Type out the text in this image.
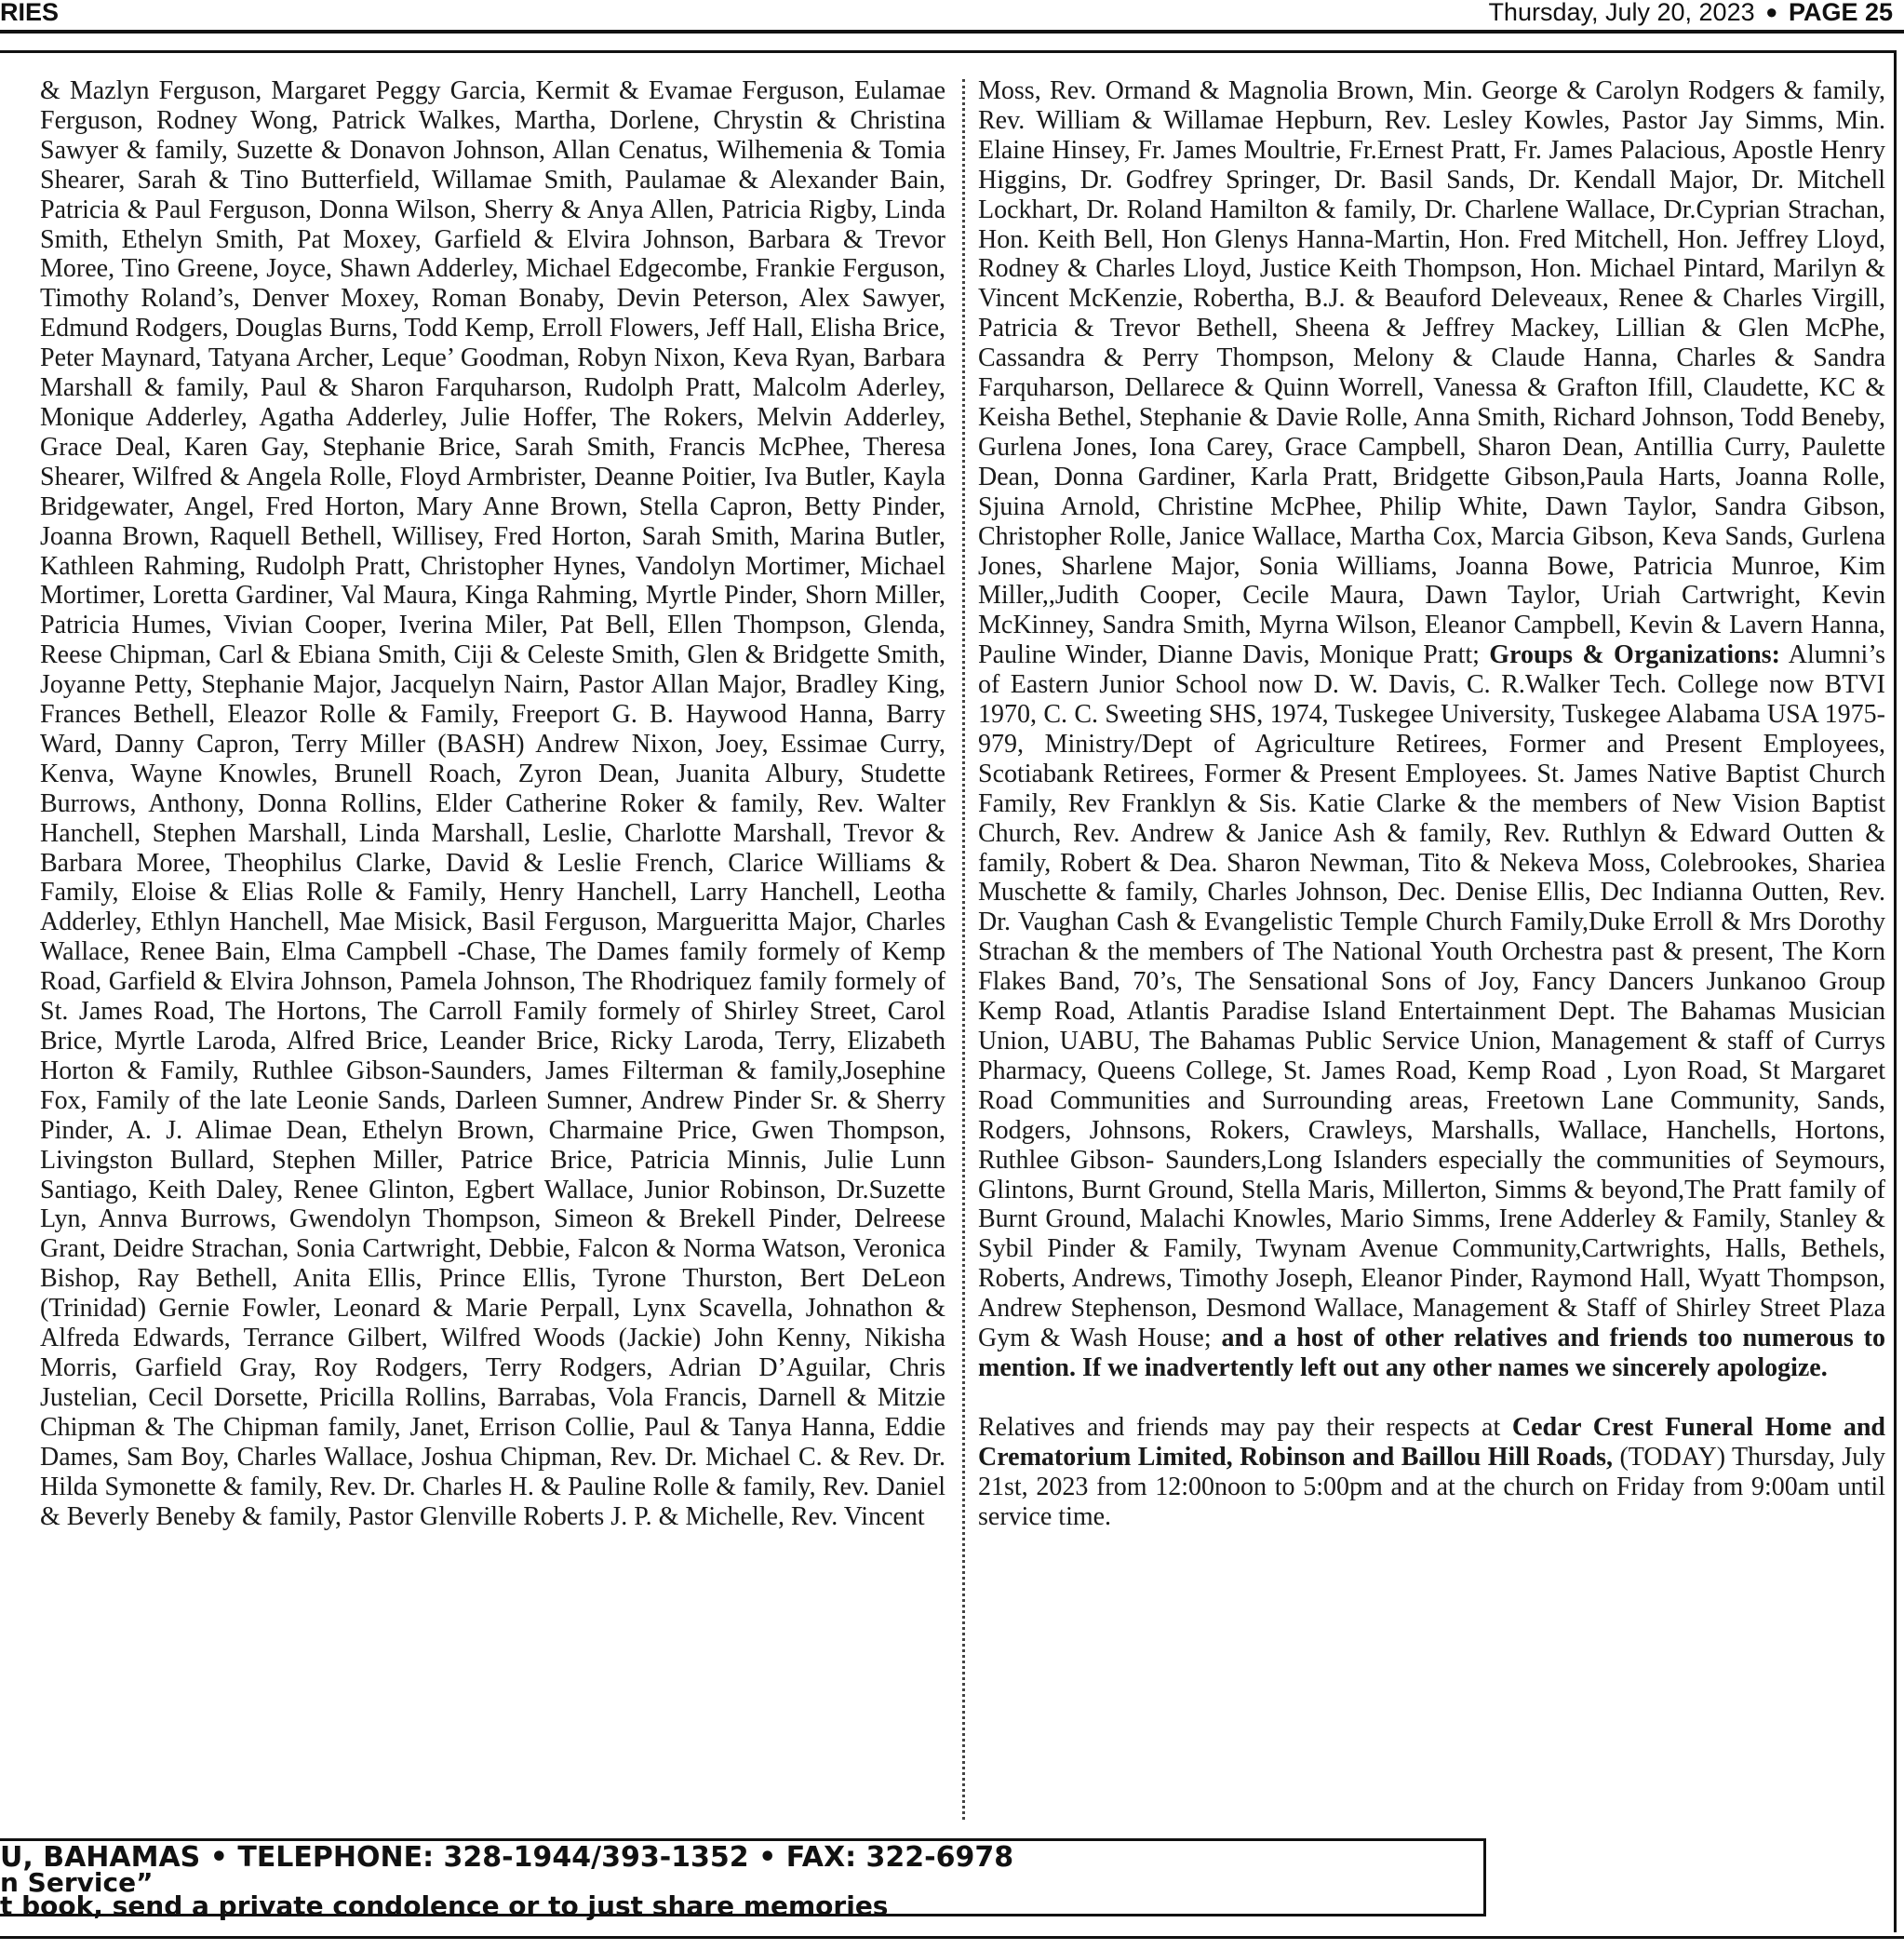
RIES	Thursday, July 20, 2023 ● PAGE 25

& Mazlyn Ferguson, Margaret Peggy Garcia, Kermit & Evamae Ferguson, Eulamae Ferguson, Rodney Wong, Patrick Walkes, Martha, Dorlene, Chrystin & Christina Sawyer & family, Suzette & Donavon Johnson, Allan Cenatus, Wilhemenia & Tomia Shearer, Sarah & Tino Butterfield, Willamae Smith, Paulamae & Alexander Bain, Patricia & Paul Ferguson, Donna Wilson, Sherry & Anya Allen, Patricia Rigby, Linda Smith, Ethelyn Smith, Pat Moxey, Garfield & Elvira Johnson, Barbara & Trevor Moree, Tino Greene, Joyce, Shawn Adderley, Michael Edgecombe, Frankie Ferguson, Timothy Roland’s, Denver Moxey, Roman Bonaby, Devin Peterson, Alex Sawyer, Edmund Rodgers, Douglas Burns, Todd Kemp, Erroll Flowers, Jeff Hall, Elisha Brice, Peter Maynard, Tatyana Archer, Leque’ Goodman, Robyn Nixon, Keva Ryan, Barbara Marshall & family, Paul & Sharon Farquharson, Rudolph Pratt, Malcolm Aderley, Monique Adderley, Agatha Adderley, Julie Hoffer, The Rokers, Melvin Adderley, Grace Deal, Karen Gay, Stephanie Brice, Sarah Smith, Francis McPhee, Theresa Shearer, Wilfred & Angela Rolle, Floyd Armbrister, Deanne Poitier, Iva Butler, Kayla Bridgewater, Angel, Fred Horton, Mary Anne Brown, Stella Capron, Betty Pinder, Joanna Brown, Raquell Bethell, Willisey, Fred Horton, Sarah Smith, Marina Butler, Kathleen Rahming, Rudolph Pratt, Christopher Hynes, Vandolyn Mortimer, Michael Mortimer, Loretta Gardiner, Val Maura, Kinga Rahming, Myrtle Pinder, Shorn Miller, Patricia Humes, Vivian Cooper, Iverina Miler, Pat Bell, Ellen Thompson, Glenda, Reese Chipman, Carl & Ebiana Smith, Ciji & Celeste Smith, Glen & Bridgette Smith, Joyanne Petty, Stephanie Major, Jacquelyn Nairn, Pastor Allan Major, Bradley King, Frances Bethell, Eleazor Rolle & Family, Freeport G. B. Haywood Hanna, Barry Ward, Danny Capron, Terry Miller (BASH) Andrew Nixon, Joey, Essimae Curry, Kenva, Wayne Knowles, Brunell Roach, Zyron Dean, Juanita Albury, Studette Burrows, Anthony, Donna Rollins, Elder Catherine Roker & family, Rev. Walter Hanchell, Stephen Marshall, Linda Marshall, Leslie, Charlotte Marshall, Trevor & Barbara Moree, Theophilus Clarke, David & Leslie French, Clarice Williams & Family, Eloise & Elias Rolle & Family, Henry Hanchell, Larry Hanchell, Leotha Adderley, Ethlyn Hanchell, Mae Misick, Basil Ferguson, Margueritta Major, Charles Wallace, Renee Bain, Elma Campbell -Chase, The Dames family formely of Kemp Road, Garfield & Elvira Johnson, Pamela Johnson, The Rhodriquez family formely of St. James Road, The Hortons, The Carroll Family formely of Shirley Street, Carol Brice, Myrtle Laroda, Alfred Brice, Leander Brice, Ricky Laroda, Terry, Elizabeth Horton & Family, Ruthlee Gibson-Saunders, James Filterman & family,Josephine Fox, Family of the late Leonie Sands, Darleen Sumner, Andrew Pinder Sr. & Sherry Pinder, A. J. Alimae Dean, Ethelyn Brown, Charmaine Price, Gwen Thompson, Livingston Bullard, Stephen Miller, Patrice Brice, Patricia Minnis, Julie Lunn Santiago, Keith Daley, Renee Glinton, Egbert Wallace, Junior Robinson, Dr.Suzette Lyn, Annva Burrows, Gwendolyn Thompson, Simeon & Brekell Pinder, Delreese Grant, Deidre Strachan, Sonia Cartwright, Debbie, Falcon & Norma Watson, Veronica Bishop, Ray Bethell, Anita Ellis, Prince Ellis, Tyrone Thurston, Bert DeLeon (Trinidad) Gernie Fowler, Leonard & Marie Perpall, Lynx Scavella, Johnathon & Alfreda Edwards, Terrance Gilbert, Wilfred Woods (Jackie) John Kenny, Nikisha Morris, Garfield Gray, Roy Rodgers, Terry Rodgers, Adrian D’Aguilar, Chris Justelian, Cecil Dorsette, Pricilla Rollins, Barrabas, Vola Francis, Darnell & Mitzie Chipman & The Chipman family, Janet, Errison Collie, Paul & Tanya Hanna, Eddie Dames, Sam Boy, Charles Wallace, Joshua Chipman, Rev. Dr. Michael C. & Rev. Dr. Hilda Symonette & family, Rev. Dr. Charles H. & Pauline Rolle & family, Rev. Daniel & Beverly Beneby & family, Pastor Glenville Roberts J. P. & Michelle, Rev. Vincent

Moss, Rev. Ormand & Magnolia Brown, Min. George & Carolyn Rodgers & family, Rev. William & Willamae Hepburn, Rev. Lesley Kowles, Pastor Jay Simms, Min. Elaine Hinsey, Fr. James Moultrie, Fr.Ernest Pratt, Fr. James Palacious, Apostle Henry Higgins, Dr. Godfrey Springer, Dr. Basil Sands, Dr. Kendall Major, Dr. Mitchell Lockhart, Dr. Roland Hamilton & family, Dr. Charlene Wallace, Dr.Cyprian Strachan, Hon. Keith Bell, Hon Glenys Hanna-Martin, Hon. Fred Mitchell, Hon. Jeffrey Lloyd, Rodney & Charles Lloyd, Justice Keith Thompson, Hon. Michael Pintard, Marilyn & Vincent McKenzie, Robertha, B.J. & Beauford Deleveaux, Renee & Charles Virgill, Patricia & Trevor Bethell, Sheena & Jeffrey Mackey, Lillian & Glen McPhe, Cassandra & Perry Thompson, Melony & Claude Hanna, Charles & Sandra Farquharson, Dellarece & Quinn Worrell, Vanessa & Grafton Ifill, Claudette, KC & Keisha Bethel, Stephanie & Davie Rolle, Anna Smith, Richard Johnson, Todd Beneby, Gurlena Jones, Iona Carey, Grace Campbell, Sharon Dean, Antillia Curry, Paulette Dean, Donna Gardiner, Karla Pratt, Bridgette Gibson,Paula Harts, Joanna Rolle, Sjuina Arnold, Christine McPhee, Philip White, Dawn Taylor, Sandra Gibson, Christopher Rolle, Janice Wallace, Martha Cox, Marcia Gibson, Keva Sands, Gurlena Jones, Sharlene Major, Sonia Williams, Joanna Bowe, Patricia Munroe, Kim Miller,,Judith Cooper, Cecile Maura, Dawn Taylor, Uriah Cartwright, Kevin McKinney, Sandra Smith, Myrna Wilson, Eleanor Campbell, Kevin & Lavern Hanna, Pauline Winder, Dianne Davis, Monique Pratt; Groups & Organizations: Alumni’s of Eastern Junior School now D. W. Davis, C. R.Walker Tech. College now BTVI 1970, C. C. Sweeting SHS, 1974, Tuskegee University, Tuskegee Alabama USA 1975-979, Ministry/Dept of Agriculture Retirees, Former and Present Employees, Scotiabank Retirees, Former & Present Employees. St. James Native Baptist Church Family, Rev Franklyn & Sis. Katie Clarke & the members of New Vision Baptist Church, Rev. Andrew & Janice Ash & family, Rev. Ruthlyn & Edward Outten & family, Robert & Dea. Sharon Newman, Tito & Nekeva Moss, Colebrookes, Shariea Muschette & family, Charles Johnson, Dec. Denise Ellis, Dec Indianna Outten, Rev. Dr. Vaughan Cash & Evangelistic Temple Church Family,Duke Erroll & Mrs Dorothy Strachan & the members of The National Youth Orchestra past & present, The Korn Flakes Band, 70’s, The Sensational Sons of Joy, Fancy Dancers Junkanoo Group Kemp Road, Atlantis Paradise Island Entertainment Dept. The Bahamas Musician Union, UABU, The Bahamas Public Service Union, Management & staff of Currys Pharmacy, Queens College, St. James Road, Kemp Road , Lyon Road, St Margaret Road Communities and Surrounding areas, Freetown Lane Community, Sands, Rodgers, Johnsons, Rokers, Crawleys, Marshalls, Wallace, Hanchells, Hortons, Ruthlee Gibson- Saunders,Long Islanders especially the communities of Seymours, Glintons, Burnt Ground, Stella Maris, Millerton, Simms & beyond,The Pratt family of Burnt Ground, Malachi Knowles, Mario Simms, Irene Adderley & Family, Stanley & Sybil Pinder & Family, Twynam Avenue Community,Cartwrights, Halls, Bethels, Roberts, Andrews, Timothy Joseph, Eleanor Pinder, Raymond Hall, Wyatt Thompson, Andrew Stephenson, Desmond Wallace, Management & Staff of Shirley Street Plaza Gym & Wash House; and a host of other relatives and friends too numerous to mention. If we inadvertently left out any other names we sincerely apologize.

Relatives and friends may pay their respects at Cedar Crest Funeral Home and Crematorium Limited, Robinson and Baillou Hill Roads, (TODAY) Thursday, July 21st, 2023 from 12:00noon to 5:00pm and at the church on Friday from 9:00am until service time.

U, BAHAMAS • TELEPHONE: 328-1944/393-1352 • FAX: 322-6978
n Service”
t book, send a private condolence or to just share memories
